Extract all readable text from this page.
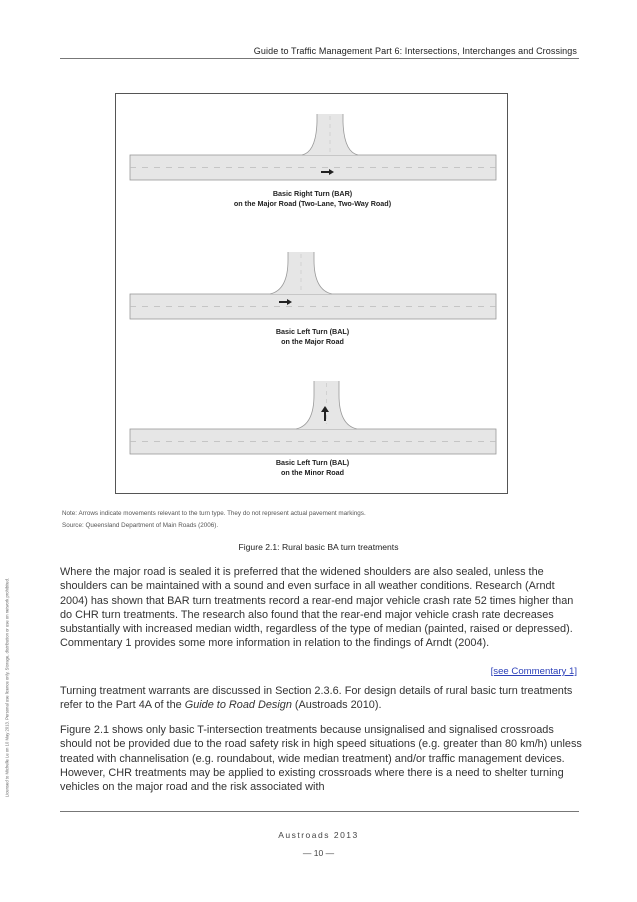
Guide to Traffic Management Part 6: Intersections, Interchanges and Crossings
Licensed to Michelle Le on 10 May 2013. Personal use licence only. Storage, distribution or use on network prohibited.
Basic Right Turn (BAR)
on the Major Road (Two-Lane, Two-Way Road)
Basic Left Turn (BAL)
on the Major Road
Basic Left Turn (BAL)
on the Minor Road
Note: Arrows indicate movements relevant to the turn type. They do not represent actual pavement markings.
Source: Queensland Department of Main Roads (2006).
Figure 2.1: Rural basic BA turn treatments
Where the major road is sealed it is preferred that the widened shoulders are also sealed, unless the shoulders can be maintained with a sound and even surface in all weather conditions. Research (Arndt 2004) has shown that BAR turn treatments record a rear-end major vehicle crash rate 52 times higher than do CHR turn treatments. The research also found that the rear-end major vehicle crash rate decreases substantially with increased median width, regardless of the type of median (painted, raised or depressed). Commentary 1 provides some more information in relation to the findings of Arndt (2004).
[see Commentary 1]
Turning treatment warrants are discussed in Section 2.3.6. For design details of rural basic turn treatments refer to the Part 4A of the Guide to Road Design (Austroads 2010).
Figure 2.1 shows only basic T-intersection treatments because unsignalised and signalised crossroads should not be provided due to the road safety risk in high speed situations (e.g. greater than 80 km/h) unless treated with channelisation (e.g. roundabout, wide median treatment) and/or traffic management devices. However, CHR treatments may be applied to existing crossroads where there is a need to shelter turning vehicles on the major road and the risk associated with
Austroads 2013
— 10 —
